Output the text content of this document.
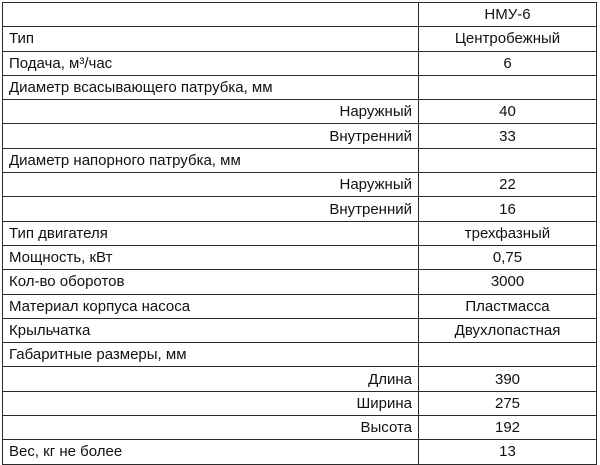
	НМУ-6
Тип	Центробежный
Подача, м³/час	6
Диаметр всасывающего патрубка, мм	
Наружный	40
Внутренний	33
Диаметр напорного патрубка, мм	
Наружный	22
Внутренний	16
Тип двигателя	трехфазный
Мощность, кВт	0,75
Кол-во оборотов	3000
Материал корпуса насоса	Пластмасса
Крыльчатка	Двухлопастная
Габаритные размеры, мм	
Длина	390
Ширина	275
Высота	192
Вес, кг не более	13
